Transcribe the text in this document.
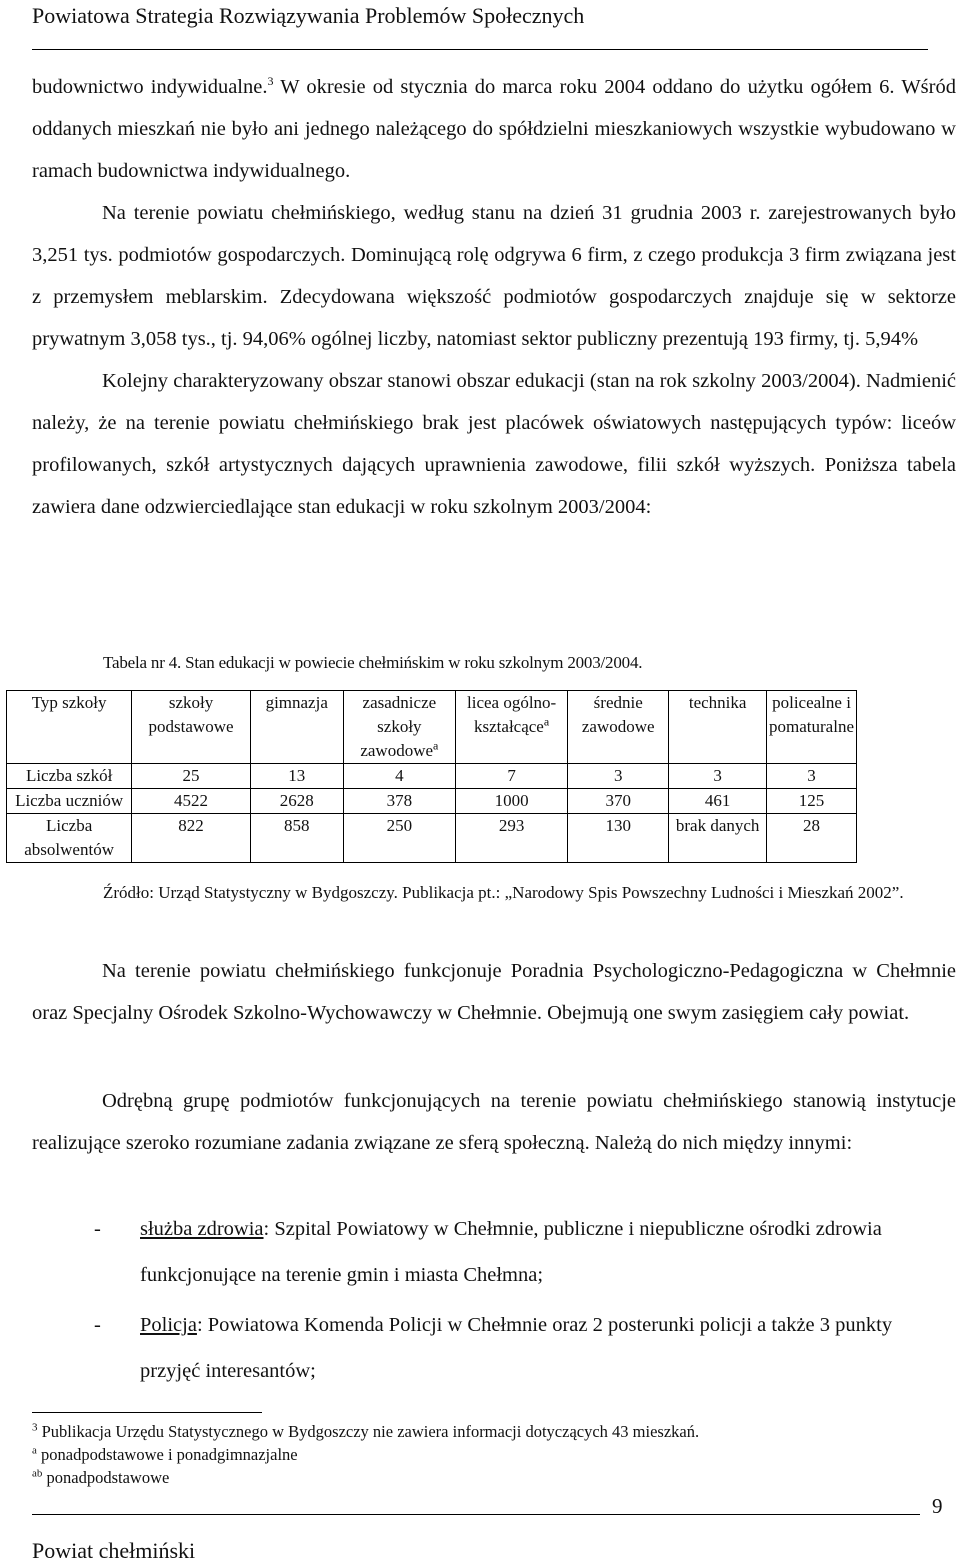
Powiatowa Strategia Rozwiązywania Problemów Społecznych
budownictwo indywidualne.$^3$ W okresie od stycznia do marca roku 2004 oddano do użytku ogółem 6. Wśród oddanych mieszkań nie było ani jednego należącego do spółdzielni mieszkaniowych wszystkie wybudowano w ramach budownictwa indywidualnego.
Na terenie powiatu chełmińskiego, według stanu na dzień 31 grudnia 2003 r. zarejestrowanych było 3,251 tys. podmiotów gospodarczych. Dominującą rolę odgrywa 6 firm, z czego produkcja 3 firm związana jest z przemysłem meblarskim. Zdecydowana większość podmiotów gospodarczych znajduje się w sektorze prywatnym 3,058 tys., tj. 94,06% ogólnej liczby, natomiast sektor publiczny prezentują 193 firmy, tj. 5,94%
Kolejny charakteryzowany obszar stanowi obszar edukacji (stan na rok szkolny 2003/2004). Nadmienić należy, że na terenie powiatu chełmińskiego brak jest placówek oświatowych następujących typów: liceów profilowanych, szkół artystycznych dających uprawnienia zawodowe, filii szkół wyższych. Poniższa tabela zawiera dane odzwierciedlające stan edukacji w roku szkolnym 2003/2004:
Tabela nr 4. Stan edukacji w powiecie chełmińskim w roku szkolnym 2003/2004.
Typ szkoły	szkoły podstawowe	gimnazja	zasadnicze szkoły zawodowe$^a$	licea ogólno-kształcące$^a$	średnie zawodowe	technika	policealne i pomaturalne
Liczba szkół	25	13	4	7	3	3	3
Liczba uczniów	4522	2628	378	1000	370	461	125
Liczba absolwentów	822	858	250	293	130	brak danych	28
Źródło: Urząd Statystyczny w Bydgoszczy. Publikacja pt.: „Narodowy Spis Powszechny Ludności i Mieszkań 2002”.
Na terenie powiatu chełmińskiego funkcjonuje Poradnia Psychologiczno-Pedagogiczna w Chełmnie oraz Specjalny Ośrodek Szkolno-Wychowawczy w Chełmnie. Obejmują one swym zasięgiem cały powiat.
Odrębną grupę podmiotów funkcjonujących na terenie powiatu chełmińskiego stanowią instytucje realizujące szeroko rozumiane zadania związane ze sferą społeczną. Należą do nich między innymi:
- służba zdrowia: Szpital Powiatowy w Chełmnie, publiczne i niepubliczne ośrodki zdrowia funkcjonujące na terenie gmin i miasta Chełmna;
- Policja: Powiatowa Komenda Policji w Chełmnie oraz 2 posterunki policji a także 3 punkty przyjęć interesantów;
$^3$ Publikacja Urzędu Statystycznego w Bydgoszczy nie zawiera informacji dotyczących 43 mieszkań.
$^a$ ponadpodstawowe i ponadgimnazjalne
$^{ab}$ ponadpodstawowe
9
Powiat chełmiński
